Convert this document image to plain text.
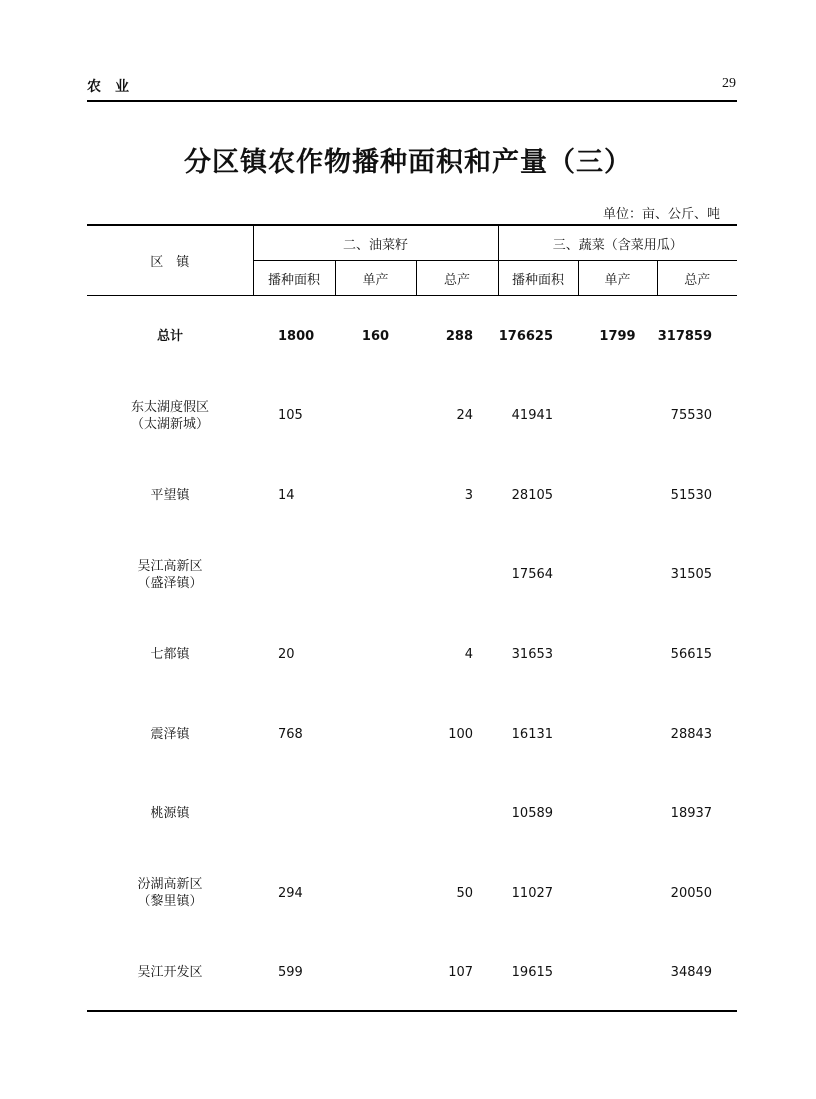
农　业	29
分区镇农作物播种面积和产量（三）
单位：亩、公斤、吨
区　镇	二、油菜籽			三、蔬菜（含菜用瓜）		
	播种面积	单产	总产	播种面积	单产	总产
总计	1800	160	288	176625	1799	317859

东太湖度假区
（太湖新城）	105		24	41941		75530

平望镇	14		3	28105		51530

吴江高新区
（盛泽镇）				17564		31505

七都镇	20		4	31653		56615

震泽镇	768		100	16131		28843

桃源镇				10589		18937

汾湖高新区
（黎里镇）	294		50	11027		20050

吴江开发区	599		107	19615		34849
